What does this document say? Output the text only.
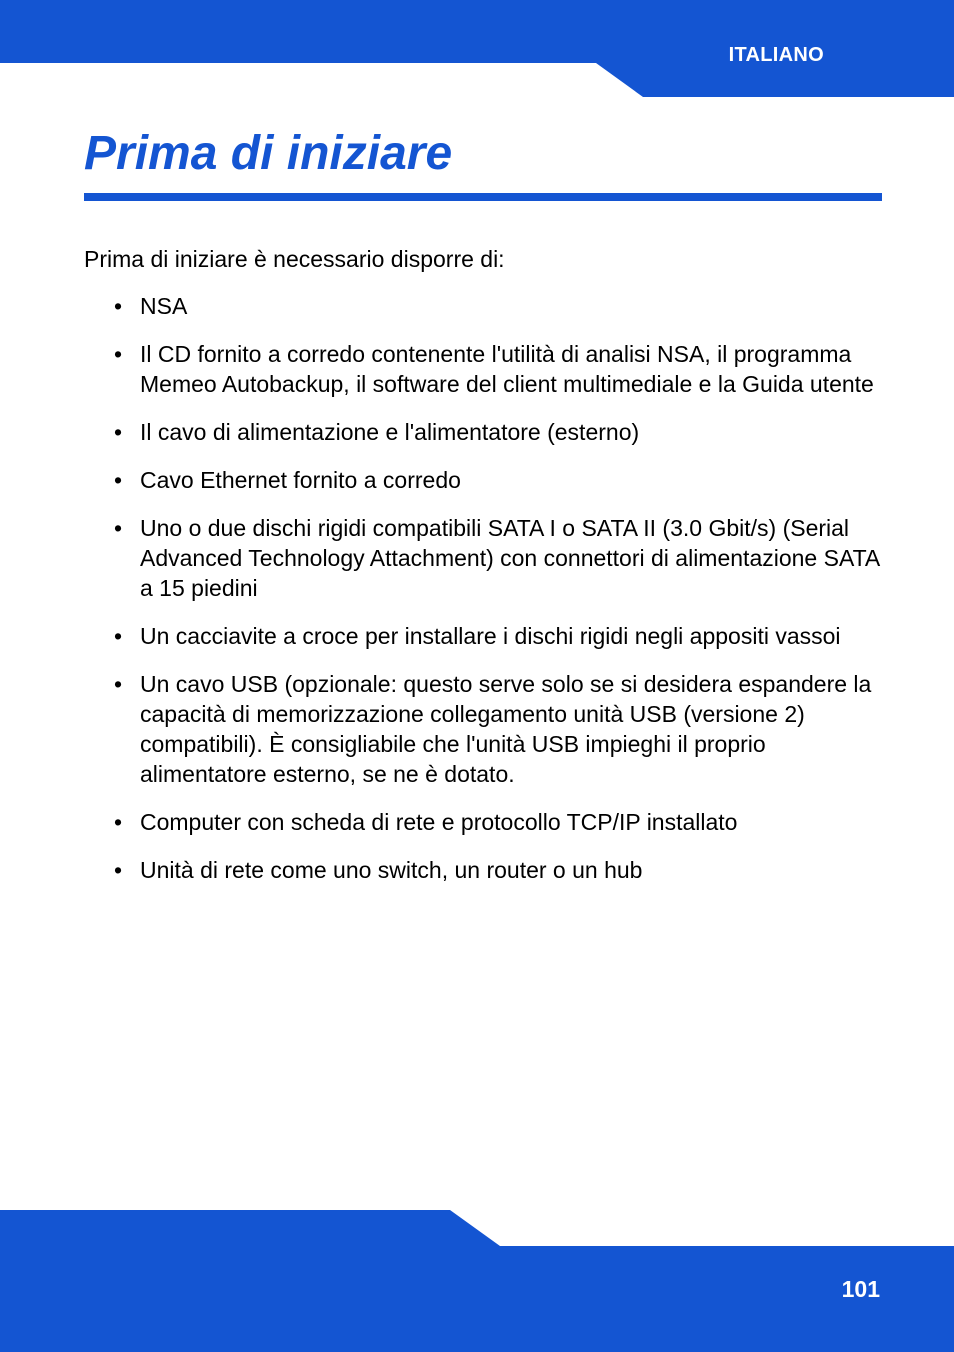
ITALIANO
Prima di iniziare

Prima di iniziare è necessario disporre di:

• NSA
• Il CD fornito a corredo contenente l'utilità di analisi NSA, il programma Memeo Autobackup, il software del client multimediale e la Guida utente
• Il cavo di alimentazione e l'alimentatore (esterno)
• Cavo Ethernet fornito a corredo
• Uno o due dischi rigidi compatibili SATA I o SATA II (3.0 Gbit/s) (Serial Advanced Technology Attachment) con connettori di alimentazione SATA a 15 piedini
• Un cacciavite a croce per installare i dischi rigidi negli appositi vassoi
• Un cavo USB (opzionale: questo serve solo se si desidera espandere la capacità di memorizzazione collegamento unità USB (versione 2) compatibili). È consigliabile che l'unità USB impieghi il proprio alimentatore esterno, se ne è dotato.
• Computer con scheda di rete e protocollo TCP/IP installato
• Unità di rete come uno switch, un router o un hub
101
